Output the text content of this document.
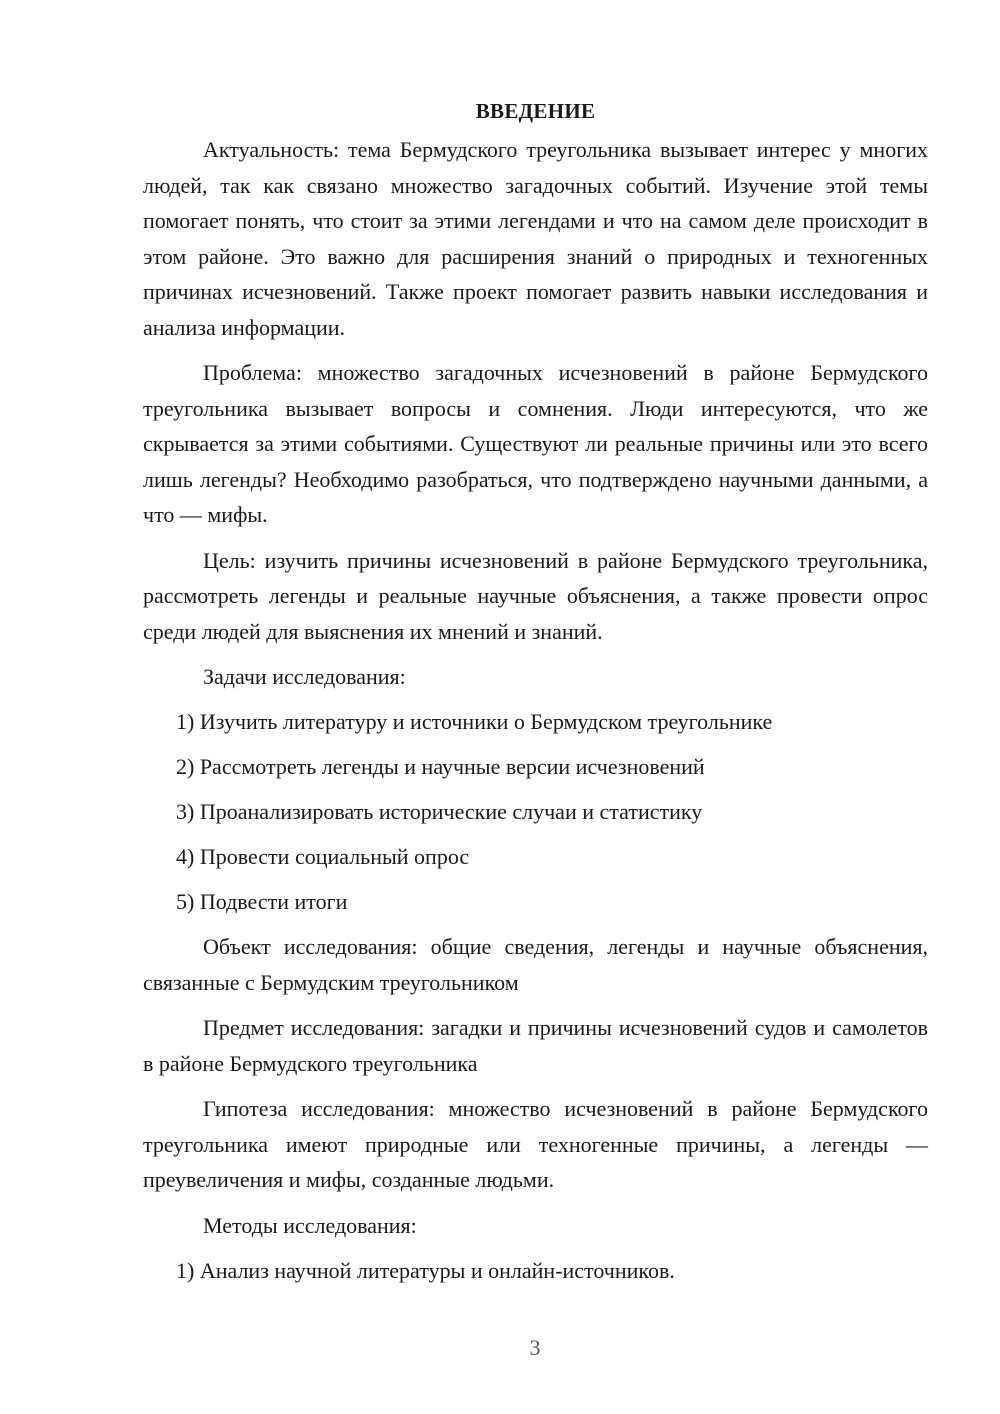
ВВЕДЕНИЕ

Актуальность: тема Бермудского треугольника вызывает интерес у многих людей, так как связано множество загадочных событий. Изучение этой темы помогает понять, что стоит за этими легендами и что на самом деле происходит в этом районе. Это важно для расширения знаний о природных и техногенных причинах исчезновений. Также проект помогает развить навыки исследования и анализа информации.

Проблема: множество загадочных исчезновений в районе Бермудского треугольника вызывает вопросы и сомнения. Люди интересуются, что же скрывается за этими событиями. Существуют ли реальные причины или это всего лишь легенды? Необходимо разобраться, что подтверждено научными данными, а что — мифы.

Цель: изучить причины исчезновений в районе Бермудского треугольника, рассмотреть легенды и реальные научные объяснения, а также провести опрос среди людей для выяснения их мнений и знаний.

Задачи исследования:

1) Изучить литературу и источники о Бермудском треугольнике

2) Рассмотреть легенды и научные версии исчезновений

3) Проанализировать исторические случаи и статистику

4) Провести социальный опрос

5) Подвести итоги

Объект исследования: общие сведения, легенды и научные объяснения, связанные с Бермудским треугольником

Предмет исследования: загадки и причины исчезновений судов и самолетов в районе Бермудского треугольника

Гипотеза исследования: множество исчезновений в районе Бермудского треугольника имеют природные или техногенные причины, а легенды — преувеличения и мифы, созданные людьми.

Методы исследования:

1) Анализ научной литературы и онлайн-источников.

3
